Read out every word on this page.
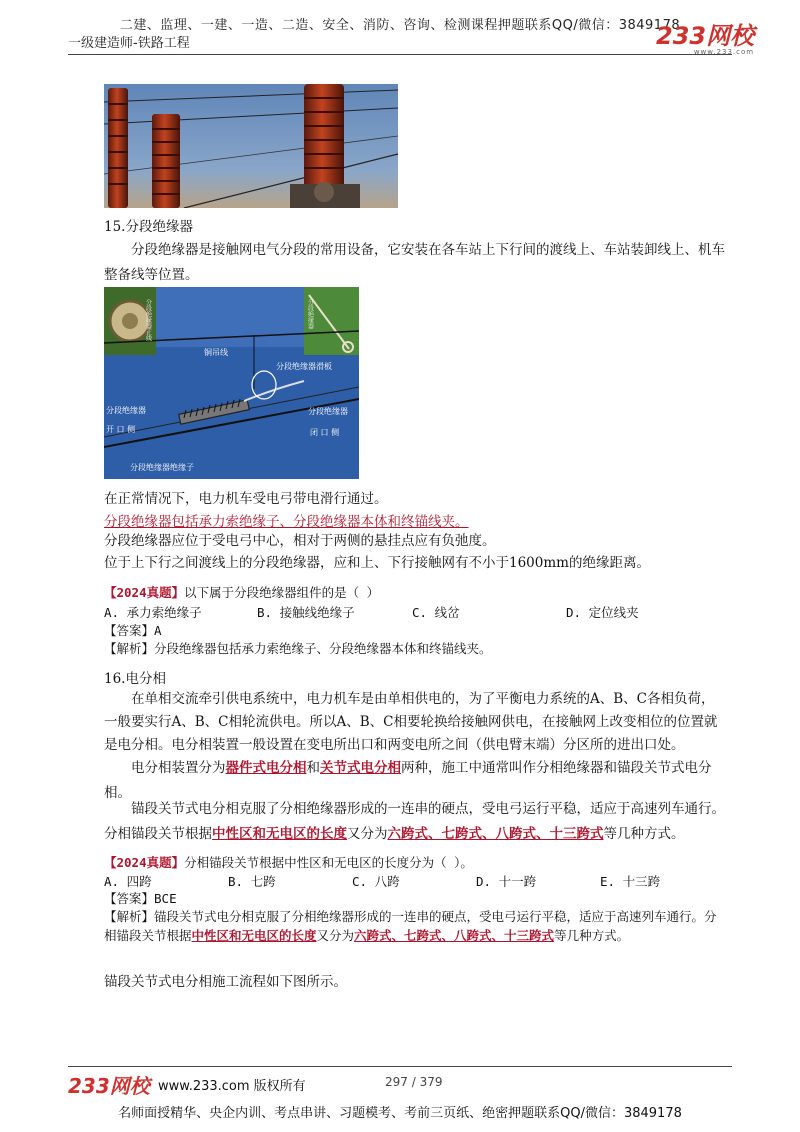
二建、监理、一建、一造、二造、安全、消防、咨询、检测课程押题联系QQ/微信：3849178
一级建造师-铁路工程	233网校
www.233.com
15.分段绝缘器
分段绝缘器是接触网电气分段的常用设备，它安装在各车站上下行间的渡线上、车站装卸线上、机车整备线等位置。
分段绝缘器正线	分段绝缘器
铜吊线
分段绝缘器滑板
分段绝缘器	分段绝缘器
开 口 侧	闭 口 侧
分段绝缘器绝缘子
在正常情况下，电力机车受电弓带电滑行通过。
分段绝缘器包括承力索绝缘子、分段绝缘器本体和终锚线夹。
分段绝缘器应位于受电弓中心，相对于两侧的悬挂点应有负弛度。
位于上下行之间渡线上的分段绝缘器，应和上、下行接触网有不小于1600mm的绝缘距离。
【2024真题】以下属于分段绝缘器组件的是（ ）
A. 承力索绝缘子	B. 接触线绝缘子	C. 线岔	D. 定位线夹
【答案】A
【解析】分段绝缘器包括承力索绝缘子、分段绝缘器本体和终锚线夹。
16.电分相
在单相交流牵引供电系统中，电力机车是由单相供电的，为了平衡电力系统的A、B、C各相负荷，一般要实行A、B、C相轮流供电。所以A、B、C相要轮换给接触网供电，在接触网上改变相位的位置就是电分相。电分相装置一般设置在变电所出口和两变电所之间（供电臂末端）分区所的进出口处。
电分相装置分为器件式电分相和关节式电分相两种，施工中通常叫作分相绝缘器和锚段关节式电分相。
锚段关节式电分相克服了分相绝缘器形成的一连串的硬点，受电弓运行平稳，适应于高速列车通行。分相锚段关节根据中性区和无电区的长度又分为六跨式、七跨式、八跨式、十三跨式等几种方式。
【2024真题】分相锚段关节根据中性区和无电区的长度分为（ ）。
A. 四跨	B. 七跨	C. 八跨	D. 十一跨	E. 十三跨
【答案】BCE
【解析】锚段关节式电分相克服了分相绝缘器形成的一连串的硬点，受电弓运行平稳，适应于高速列车通行。分相锚段关节根据中性区和无电区的长度又分为六跨式、七跨式、八跨式、十三跨式等几种方式。
锚段关节式电分相施工流程如下图所示。
233网校 www.233.com 版权所有	297 / 379
名师面授精华、央企内训、考点串讲、习题模考、考前三页纸、绝密押题联系QQ/微信：3849178
